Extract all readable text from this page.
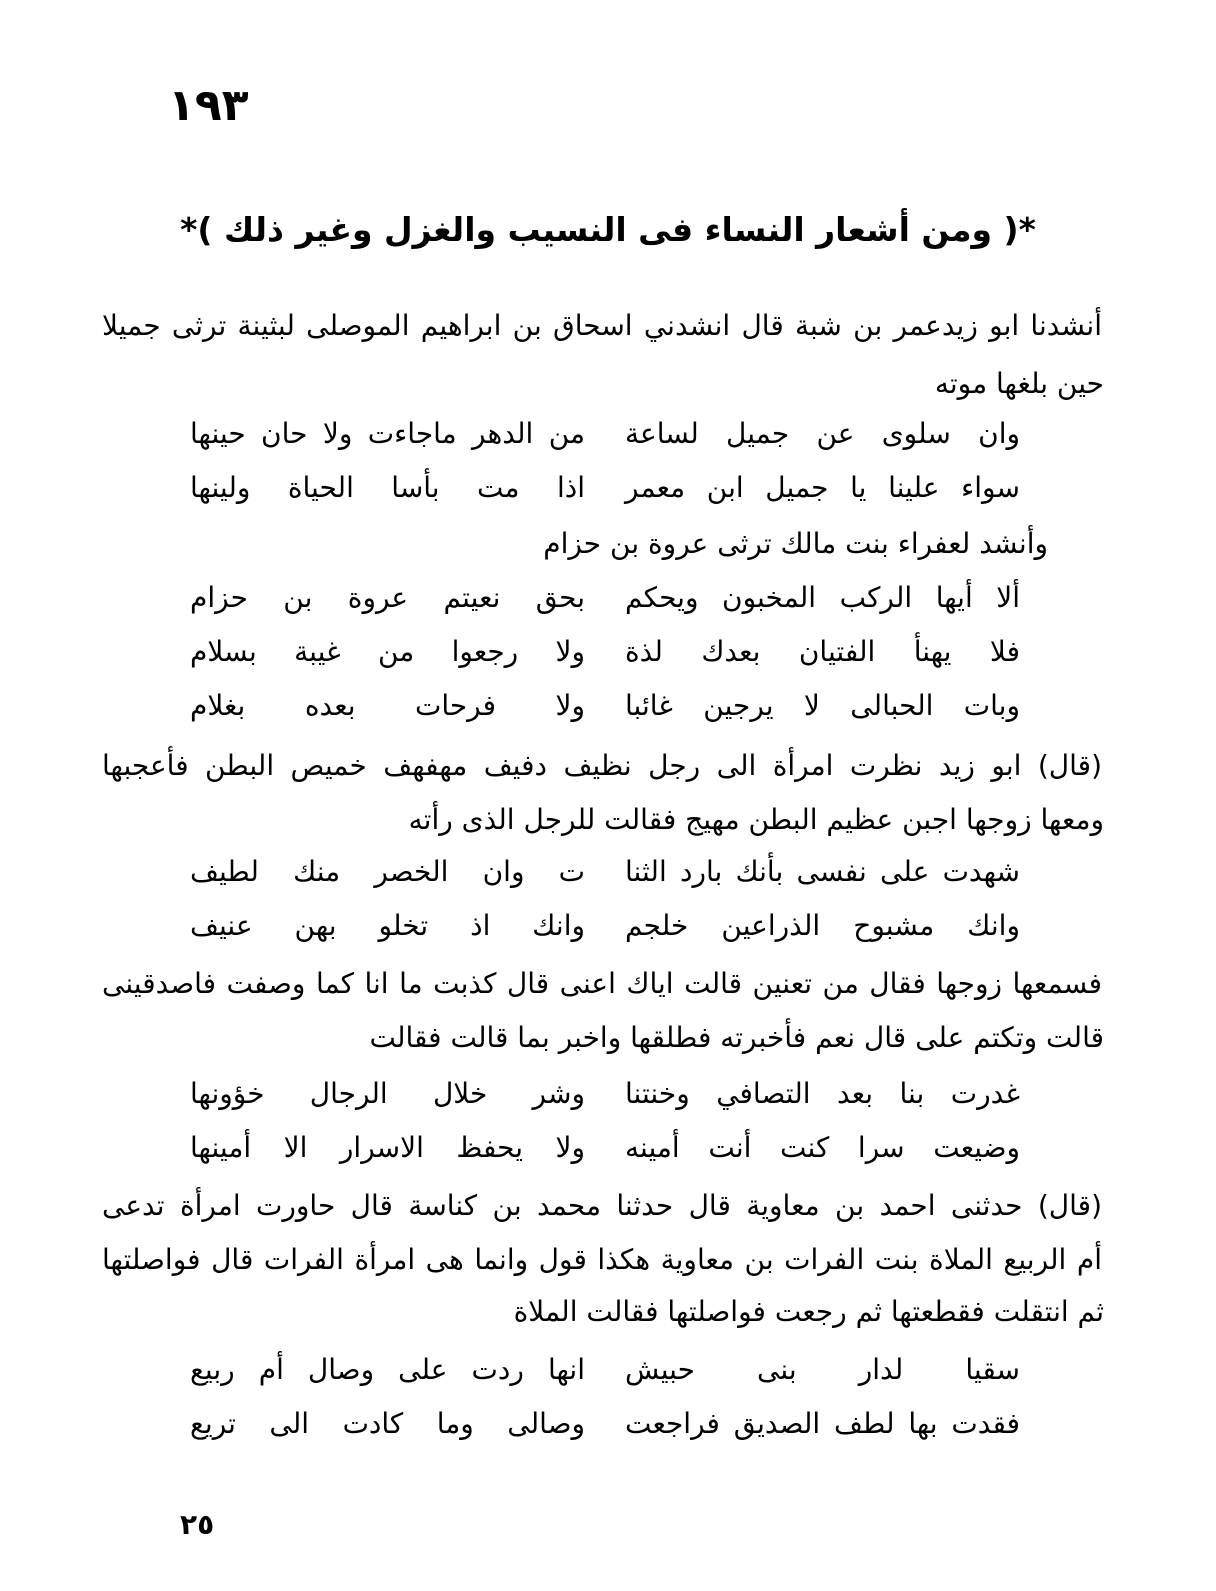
١٩٣
*( ومن أشعار النساء فى النسيب والغزل وغير ذلك )*
أنشدنا ابو زيدعمر بن شبة قال انشدني اسحاق بن ابراهيم الموصلى لبثينة ترثى جميلا
حين بلغها موته
وان سلوى عن جميل لساعة
من الدهر ماجاءت ولا حان حينها
سواء علينا يا جميل ابن معمر
اذا مت بأسا الحياة ولينها
وأنشد لعفراء بنت مالك ترثى عروة بن حزام
ألا أيها الركب المخبون ويحكم
بحق نعيتم عروة بن حزام
فلا يهنأ الفتيان بعدك لذة
ولا رجعوا من غيبة بسلام
وبات الحبالى لا يرجين غائبا
ولا فرحات بعده بغلام
(قال) ابو زيد نظرت امرأة الى رجل نظيف دفيف مهفهف خميص البطن فأعجبها
ومعها زوجها اجبن عظيم البطن مهيج فقالت للرجل الذى رأته
شهدت على نفسى بأنك بارد الثنا
ت وان الخصر منك لطيف
وانك مشبوح الذراعين خلجم
وانك اذ تخلو بهن عنيف
فسمعها زوجها فقال من تعنين قالت اياك اعنى قال كذبت ما انا كما وصفت فاصدقينى
قالت وتكتم على قال نعم فأخبرته فطلقها واخبر بما قالت فقالت
غدرت بنا بعد التصافي وخنتنا
وشر خلال الرجال خؤونها
وضيعت سرا كنت أنت أمينه
ولا يحفظ الاسرار الا أمينها
(قال) حدثنى احمد بن معاوية قال حدثنا محمد بن كناسة قال حاورت امرأة تدعى
أم الربيع الملاة بنت الفرات بن معاوية هكذا قول وانما هى امرأة الفرات قال فواصلتها
ثم انتقلت فقطعتها ثم رجعت فواصلتها فقالت الملاة
سقيا لدار بنى حبيش
انها ردت على وصال أم ربيع
فقدت بها لطف الصديق فراجعت
وصالى وما كادت الى تريع
٢٥
